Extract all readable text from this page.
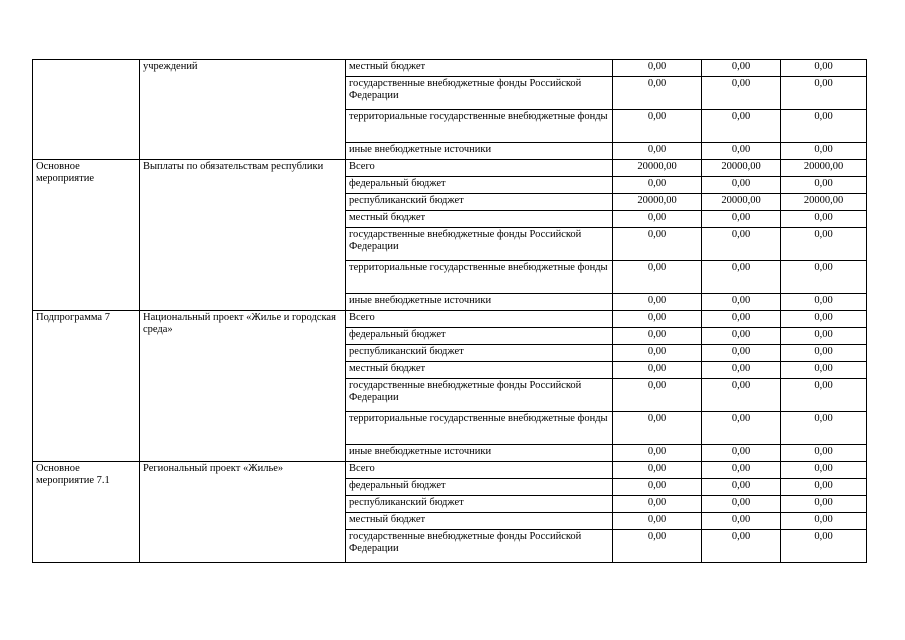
	учреждений	местный бюджет	0,00	0,00	0,00
		государственные внебюджетные фонды Российской Федерации	0,00	0,00	0,00
		территориальные государственные внебюджетные фонды	0,00	0,00	0,00
		иные внебюджетные источники	0,00	0,00	0,00
Основное мероприятие	Выплаты по обязательствам республики	Всего	20000,00	20000,00	20000,00
		федеральный бюджет	0,00	0,00	0,00
		республиканский бюджет	20000,00	20000,00	20000,00
		местный бюджет	0,00	0,00	0,00
		государственные внебюджетные фонды Российской Федерации	0,00	0,00	0,00
		территориальные государственные внебюджетные фонды	0,00	0,00	0,00
		иные внебюджетные источники	0,00	0,00	0,00
Подпрограмма 7	Национальный проект «Жилье и городская среда»	Всего	0,00	0,00	0,00
		федеральный бюджет	0,00	0,00	0,00
		республиканский бюджет	0,00	0,00	0,00
		местный бюджет	0,00	0,00	0,00
		государственные внебюджетные фонды Российской Федерации	0,00	0,00	0,00
		территориальные государственные внебюджетные фонды	0,00	0,00	0,00
		иные внебюджетные источники	0,00	0,00	0,00
Основное мероприятие 7.1	Региональный проект «Жилье»	Всего	0,00	0,00	0,00
		федеральный бюджет	0,00	0,00	0,00
		республиканский бюджет	0,00	0,00	0,00
		местный бюджет	0,00	0,00	0,00
		государственные внебюджетные фонды Российской Федерации	0,00	0,00	0,00
